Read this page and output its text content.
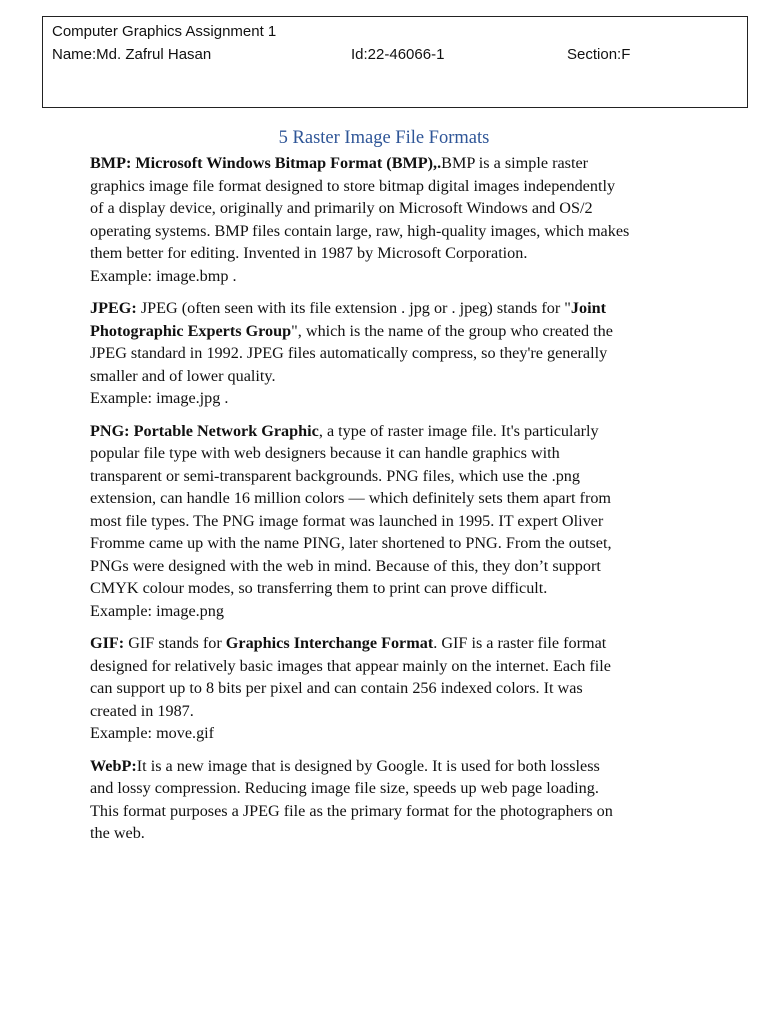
Computer Graphics Assignment 1
Name:Md. Zafrul Hasan	Id:22-46066-1	Section:F
5 Raster Image File Formats
BMP: Microsoft Windows Bitmap Format (BMP),.BMP is a simple raster
graphics image file format designed to store bitmap digital images independently
of a display device, originally and primarily on Microsoft Windows and OS/2
operating systems. BMP files contain large, raw, high-quality images, which makes
them better for editing. Invented in 1987 by Microsoft Corporation.
Example: image.bmp .
JPEG: JPEG (often seen with its file extension . jpg or . jpeg) stands for "Joint
Photographic Experts Group", which is the name of the group who created the
JPEG standard in 1992. JPEG files automatically compress, so they're generally
smaller and of lower quality.
Example: image.jpg .
PNG: Portable Network Graphic, a type of raster image file. It's particularly
popular file type with web designers because it can handle graphics with
transparent or semi-transparent backgrounds. PNG files, which use the .png
extension, can handle 16 million colors — which definitely sets them apart from
most file types. The PNG image format was launched in 1995. IT expert Oliver
Fromme came up with the name PING, later shortened to PNG. From the outset,
PNGs were designed with the web in mind. Because of this, they don’t support
CMYK colour modes, so transferring them to print can prove difficult.
Example: image.png
GIF: GIF stands for Graphics Interchange Format. GIF is a raster file format
designed for relatively basic images that appear mainly on the internet. Each file
can support up to 8 bits per pixel and can contain 256 indexed colors. It was
created in 1987.
Example: move.gif
WebP:It is a new image that is designed by Google. It is used for both lossless
and lossy compression. Reducing image file size, speeds up web page loading.
This format purposes a JPEG file as the primary format for the photographers on
the web.
